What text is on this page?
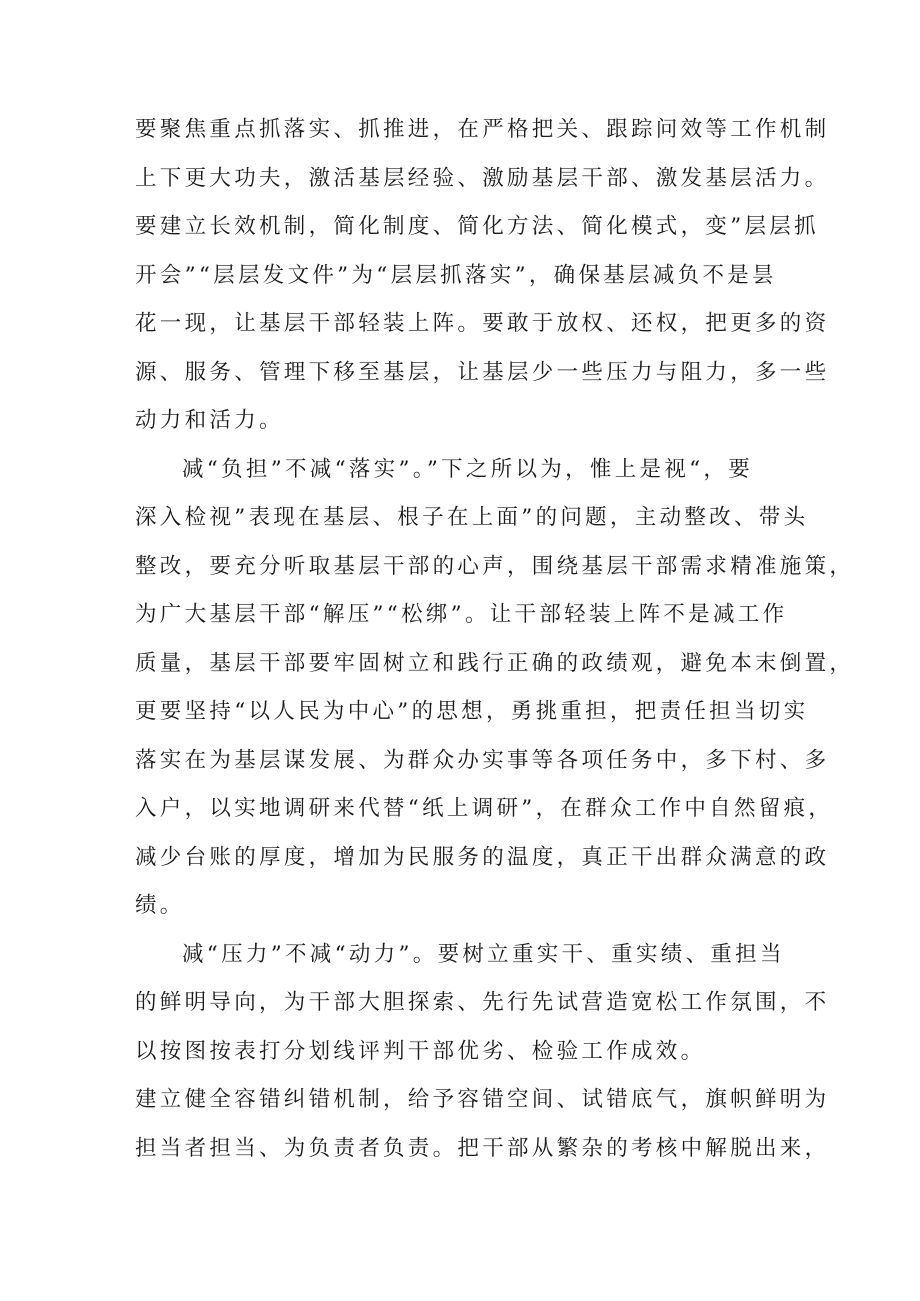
要聚焦重点抓落实、抓推进，在严格把关、跟踪问效等工作机制
上下更大功夫，激活基层经验、激励基层干部、激发基层活力。
要建立长效机制，简化制度、简化方法、简化模式，变”层层抓
开会”“层层发文件”为“层层抓落实”，确保基层减负不是昙
花一现，让基层干部轻装上阵。要敢于放权、还权，把更多的资
源、服务、管理下移至基层，让基层少一些压力与阻力，多一些
动力和活力。
减“负担”不减“落实”。”下之所以为，惟上是视“，要
深入检视”表现在基层、根子在上面”的问题，主动整改、带头
整改，要充分听取基层干部的心声，围绕基层干部需求精准施策，
为广大基层干部“解压”“松绑”。让干部轻装上阵不是减工作
质量，基层干部要牢固树立和践行正确的政绩观，避免本末倒置，
更要坚持“以人民为中心”的思想，勇挑重担，把责任担当切实
落实在为基层谋发展、为群众办实事等各项任务中，多下村、多
入户，以实地调研来代替“纸上调研”，在群众工作中自然留痕，
减少台账的厚度，增加为民服务的温度，真正干出群众满意的政
绩。
减“压力”不减“动力”。要树立重实干、重实绩、重担当
的鲜明导向，为干部大胆探索、先行先试营造宽松工作氛围，不
以按图按表打分划线评判干部优劣、检验工作成效。
建立健全容错纠错机制，给予容错空间、试错底气，旗帜鲜明为
担当者担当、为负责者负责。把干部从繁杂的考核中解脱出来，
